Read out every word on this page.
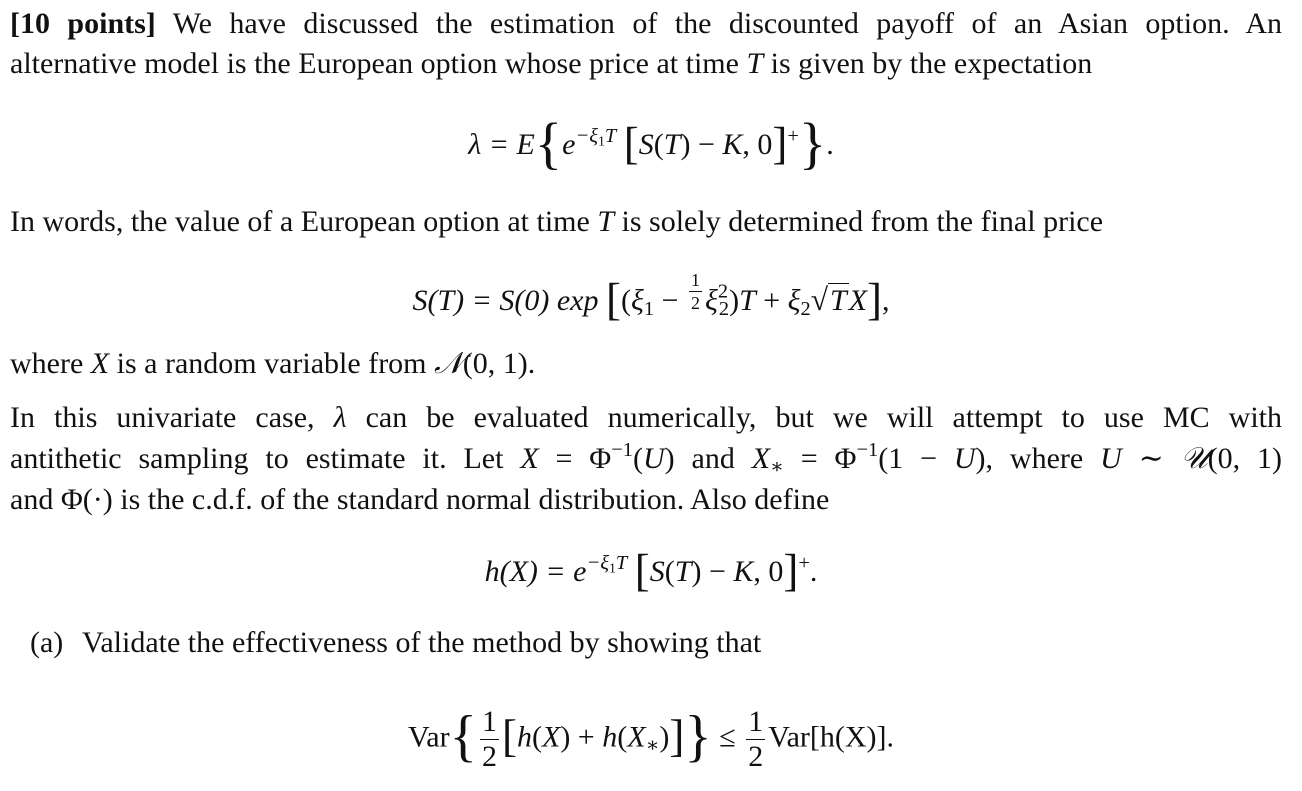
[10 points] We have discussed the estimation of the discounted payoff of an Asian option. An
alternative model is the European option whose price at time T is given by the expectation
$\lambda = E\{e^{-\xi_1T}$ [S(T) − K, 0]+}.
In words, the value of a European option at time T is solely determined from the final price
S(T) = S(0) $\exp [(\xi_1 - \frac{1}{2} \xi^2_2)T + \xi_2√TX]$,
where X is a random variable from 𝒩(0, 1).
In this univariate case, λ can be evaluated numerically, but we will attempt to use MC with
antithetic sampling to estimate it. Let $X = \Phi^{-1}(U)$ and $X_∗ = \Phi^{-1}(1 - U)$, where U ∼ 𝒰(0, 1)
and Φ(·) is the c.d.f. of the standard normal distribution. Also define
$h(X) = e^{-\xi_1T}$ [S(T) − K, 0]+.
(a) Validate the effectiveness of the method by showing that
$Var\{ \frac{1}{2} [h(X) + h(X_∗)]\} \le \frac{1}{2} Var[h(X)]$.
